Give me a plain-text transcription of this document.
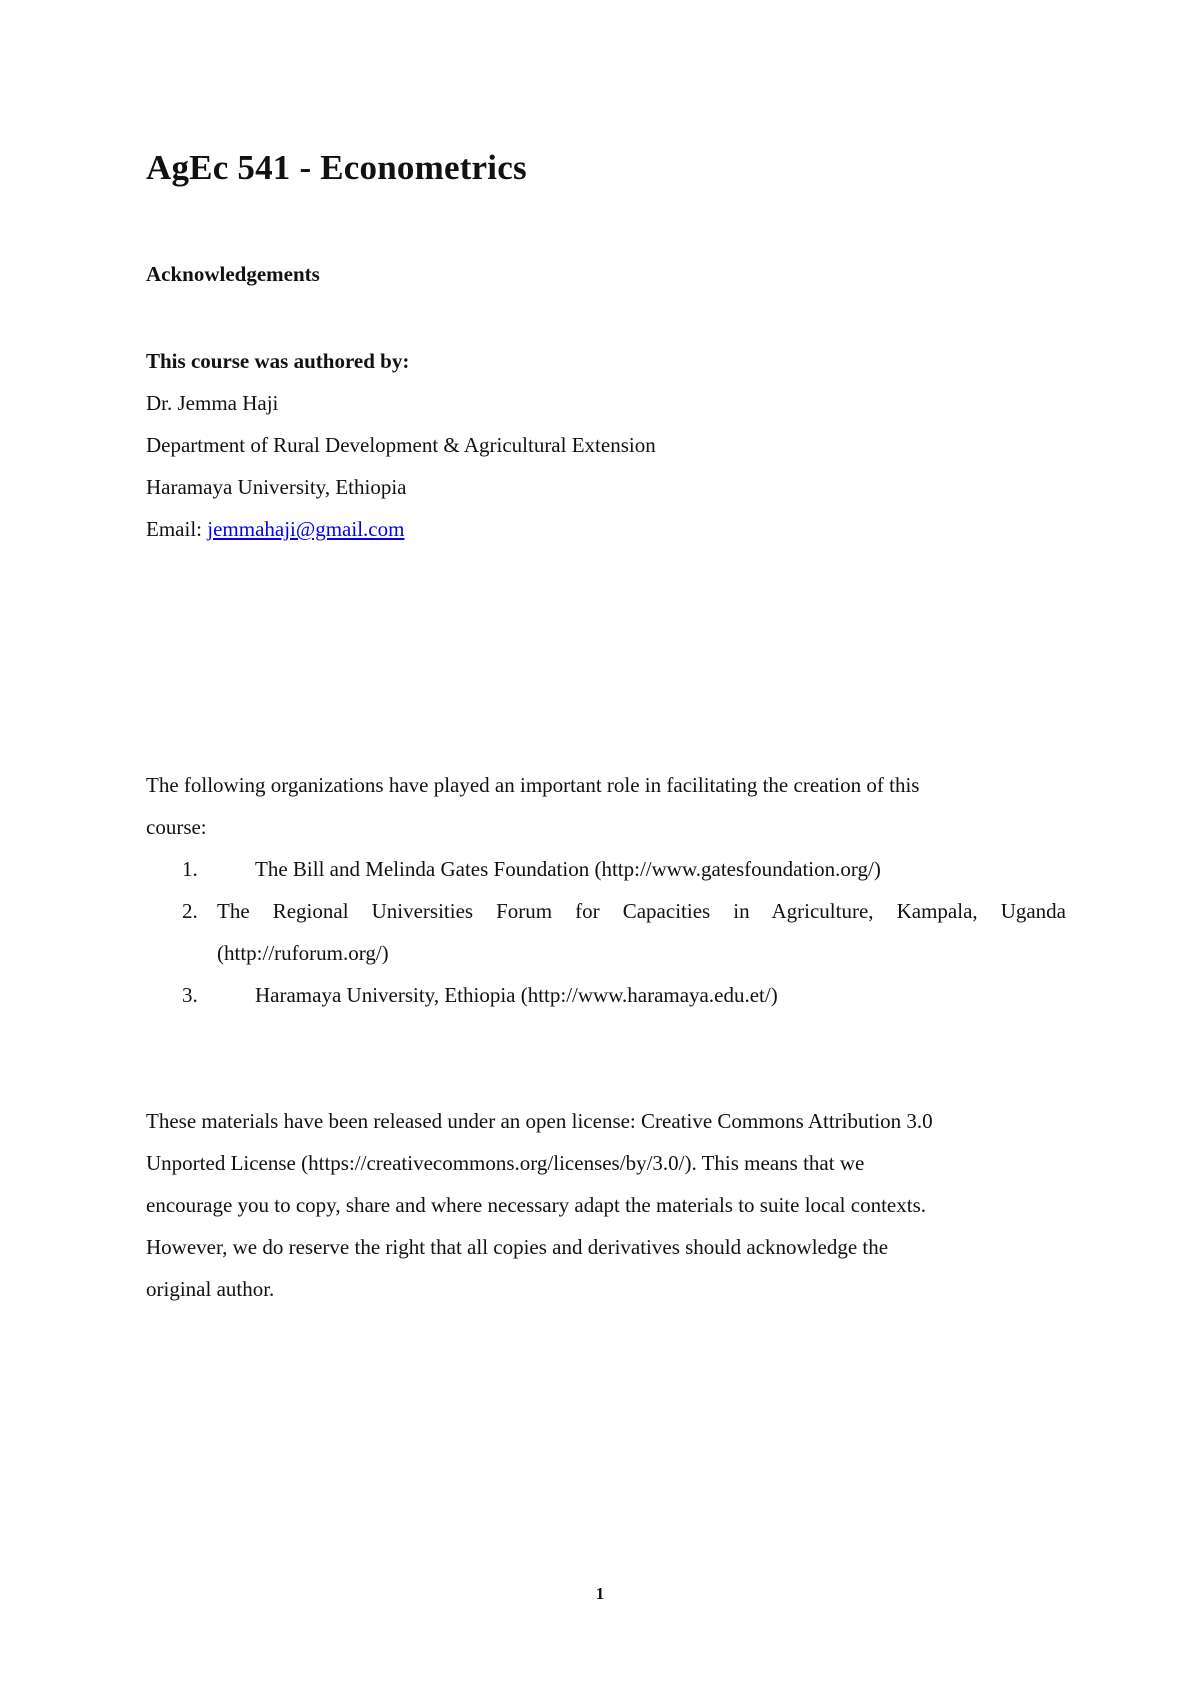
AgEc 541 - Econometrics
Acknowledgements
This course was authored by:
Dr. Jemma Haji
Department of Rural Development & Agricultural Extension
Haramaya University, Ethiopia
Email: jemmahaji@gmail.com
The following organizations have played an important role in facilitating the creation of this
course:
1.	The Bill and Melinda Gates Foundation (http://www.gatesfoundation.org/)
2. The Regional Universities Forum for Capacities in Agriculture, Kampala, Uganda
(http://ruforum.org/)
3.	Haramaya University, Ethiopia (http://www.haramaya.edu.et/)
These materials have been released under an open license: Creative Commons Attribution 3.0
Unported License (https://creativecommons.org/licenses/by/3.0/). This means that we
encourage you to copy, share and where necessary adapt the materials to suite local contexts.
However, we do reserve the right that all copies and derivatives should acknowledge the
original author.
1
